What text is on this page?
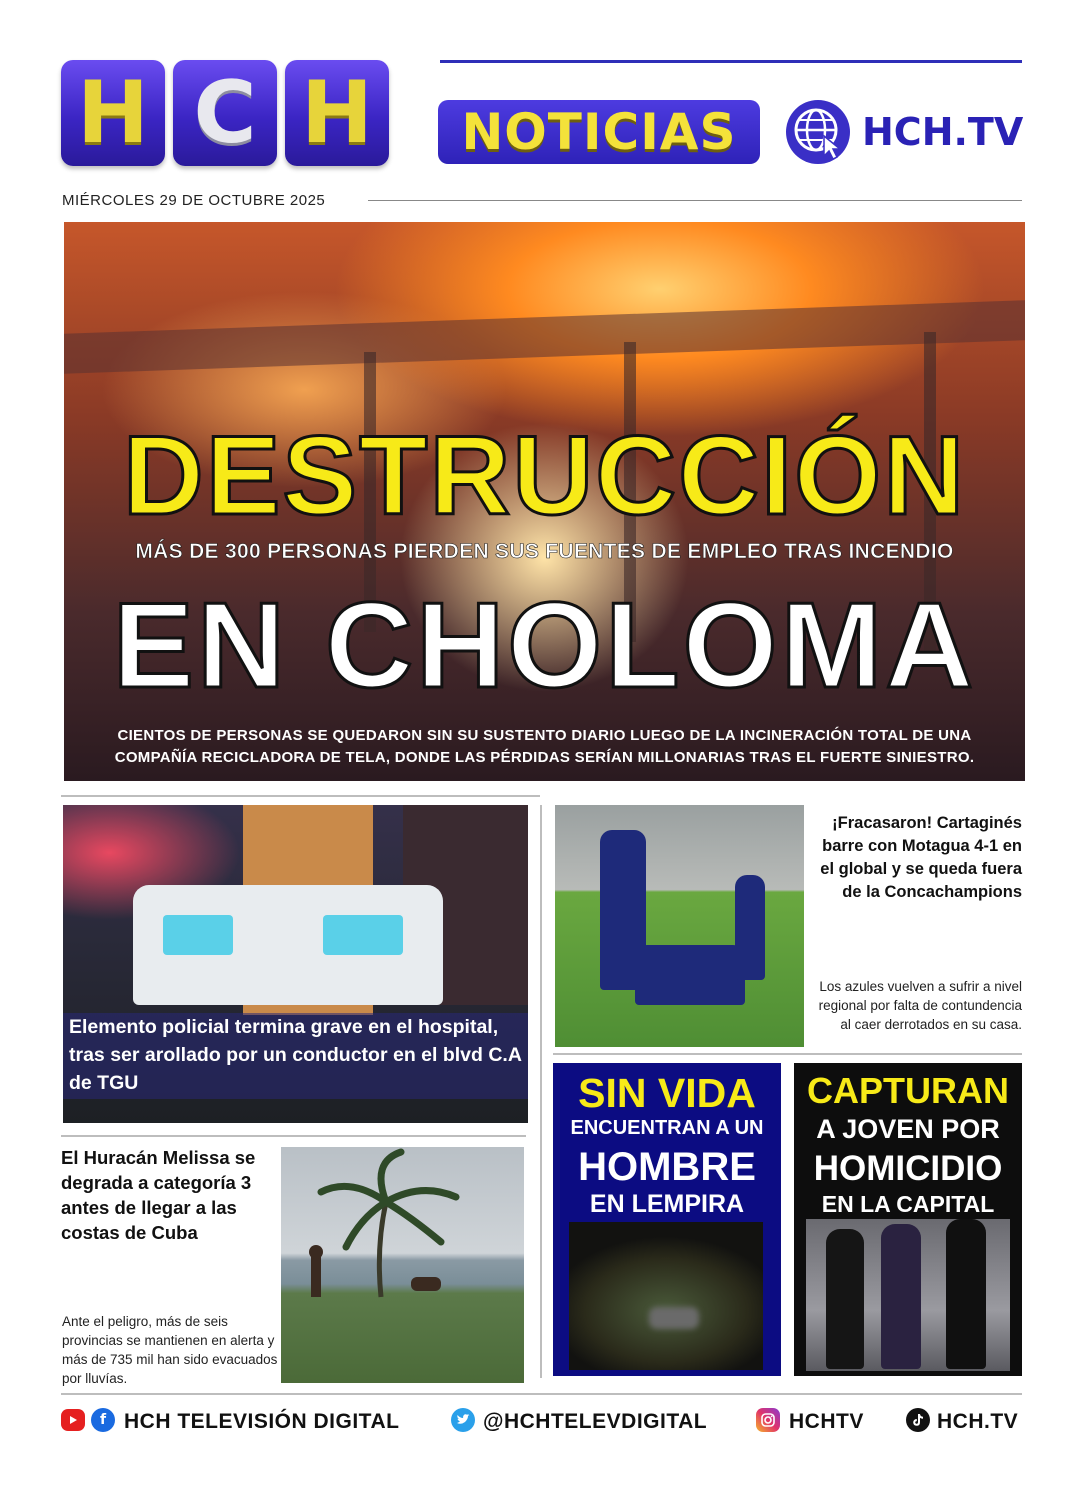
H C H	NOTICIAS	HCH.TV
MIÉRCOLES 29 DE OCTUBRE 2025
DESTRUCCIÓN
MÁS DE 300 PERSONAS PIERDEN SUS FUENTES DE EMPLEO TRAS INCENDIO
EN CHOLOMA
CIENTOS DE PERSONAS SE QUEDARON SIN SU SUSTENTO DIARIO LUEGO DE LA INCINERACIÓN TOTAL DE UNA COMPAÑÍA RECICLADORA DE TELA, DONDE LAS PÉRDIDAS SERÍAN MILLONARIAS TRAS EL FUERTE SINIESTRO.
Elemento policial termina grave en el hospital, tras ser arollado por un conductor en el blvd C.A de TGU
¡Fracasaron! Cartaginés barre con Motagua 4-1 en el global y se queda fuera de la Concachampions
Los azules vuelven a sufrir a nivel regional por falta de contundencia al caer derrotados en su casa.
SIN VIDA
ENCUENTRAN A UN
HOMBRE
EN LEMPIRA
CAPTURAN
A JOVEN POR
HOMICIDIO
EN LA CAPITAL
El Huracán Melissa se degrada a categoría 3 antes de llegar a las costas de Cuba
Ante el peligro, más de seis provincias se mantienen en alerta y más de 735 mil han sido evacuados por lluvías.
f HCH TELEVISIÓN DIGITAL	@HCHTELEVDIGITAL	HCHTV	HCH.TV
